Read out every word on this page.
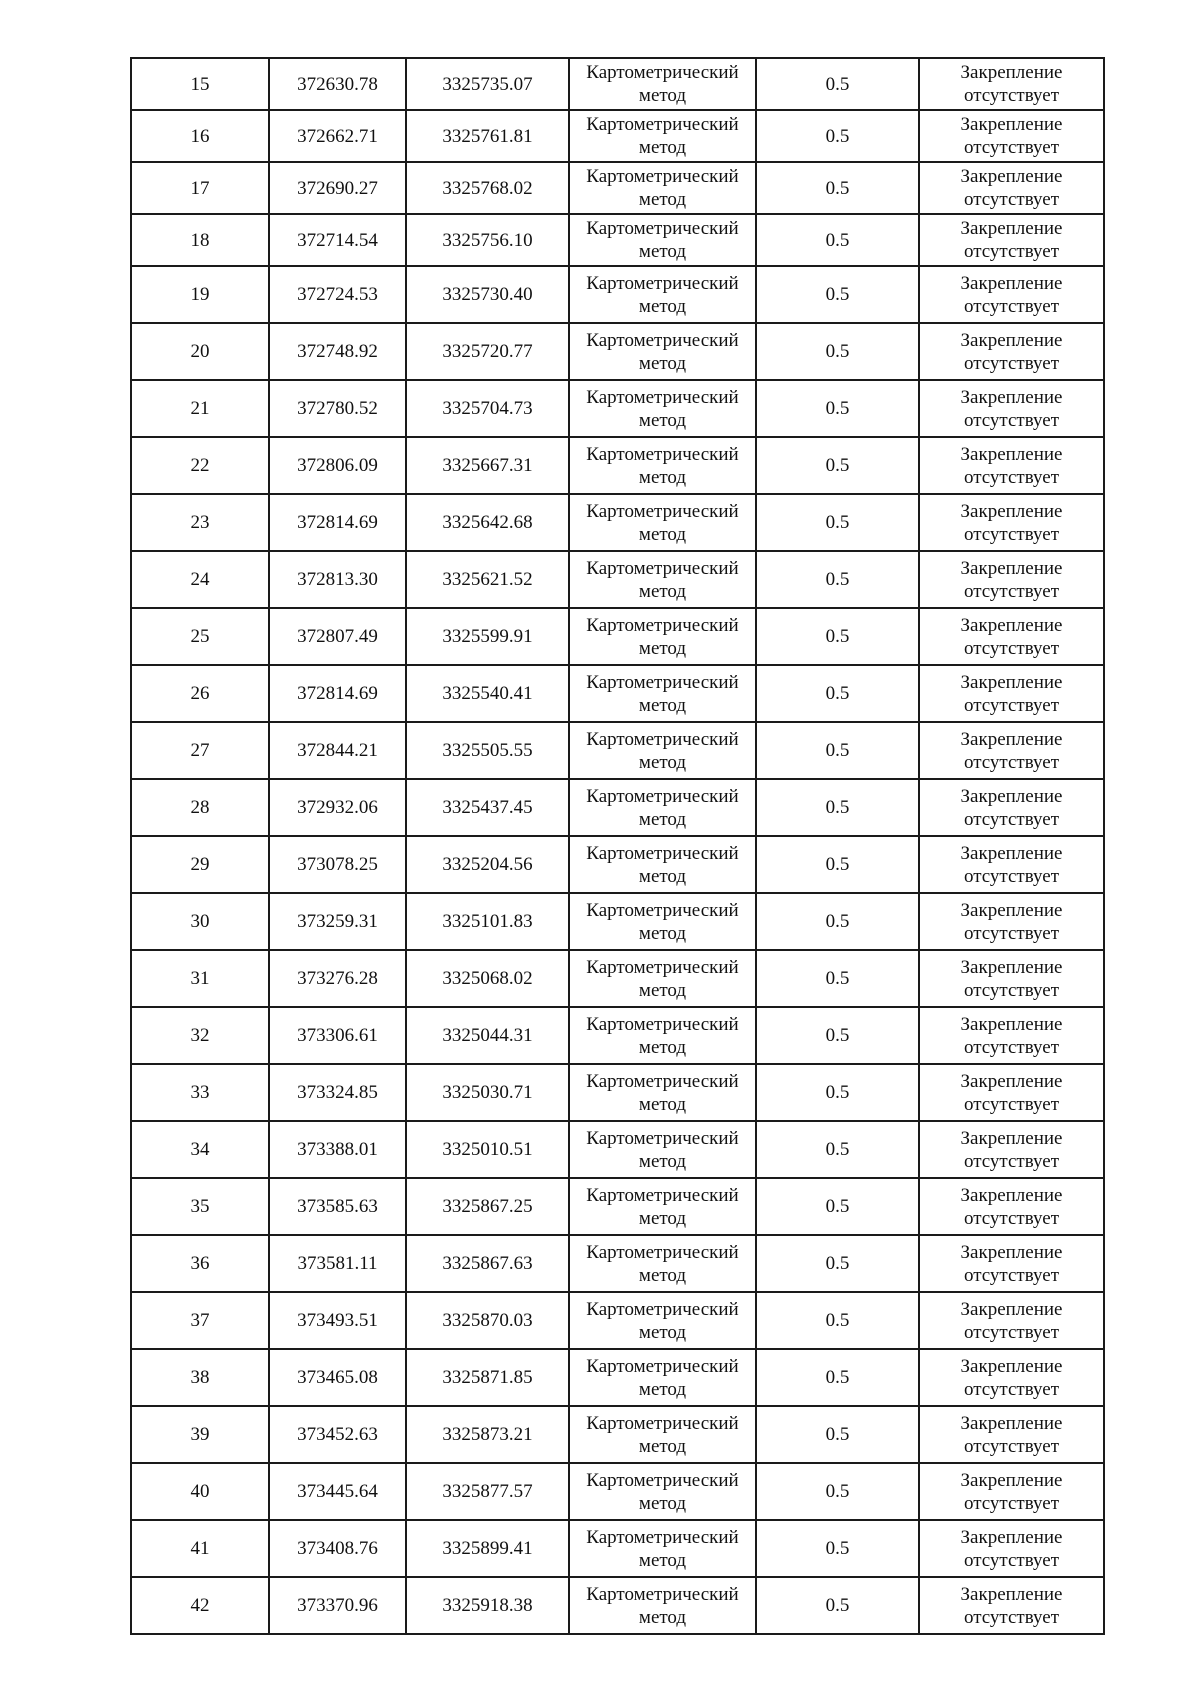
15	372630.78	3325735.07	Картометрический
метод	0.5	Закрепление
отсутствует

16	372662.71	3325761.81	Картометрический
метод	0.5	Закрепление
отсутствует

17	372690.27	3325768.02	Картометрический
метод	0.5	Закрепление
отсутствует

18	372714.54	3325756.10	Картометрический
метод	0.5	Закрепление
отсутствует

19	372724.53	3325730.40	Картометрический
метод	0.5	Закрепление
отсутствует

20	372748.92	3325720.77	Картометрический
метод	0.5	Закрепление
отсутствует

21	372780.52	3325704.73	Картометрический
метод	0.5	Закрепление
отсутствует

22	372806.09	3325667.31	Картометрический
метод	0.5	Закрепление
отсутствует

23	372814.69	3325642.68	Картометрический
метод	0.5	Закрепление
отсутствует

24	372813.30	3325621.52	Картометрический
метод	0.5	Закрепление
отсутствует

25	372807.49	3325599.91	Картометрический
метод	0.5	Закрепление
отсутствует

26	372814.69	3325540.41	Картометрический
метод	0.5	Закрепление
отсутствует

27	372844.21	3325505.55	Картометрический
метод	0.5	Закрепление
отсутствует

28	372932.06	3325437.45	Картометрический
метод	0.5	Закрепление
отсутствует

29	373078.25	3325204.56	Картометрический
метод	0.5	Закрепление
отсутствует

30	373259.31	3325101.83	Картометрический
метод	0.5	Закрепление
отсутствует

31	373276.28	3325068.02	Картометрический
метод	0.5	Закрепление
отсутствует

32	373306.61	3325044.31	Картометрический
метод	0.5	Закрепление
отсутствует

33	373324.85	3325030.71	Картометрический
метод	0.5	Закрепление
отсутствует

34	373388.01	3325010.51	Картометрический
метод	0.5	Закрепление
отсутствует

35	373585.63	3325867.25	Картометрический
метод	0.5	Закрепление
отсутствует

36	373581.11	3325867.63	Картометрический
метод	0.5	Закрепление
отсутствует

37	373493.51	3325870.03	Картометрический
метод	0.5	Закрепление
отсутствует

38	373465.08	3325871.85	Картометрический
метод	0.5	Закрепление
отсутствует

39	373452.63	3325873.21	Картометрический
метод	0.5	Закрепление
отсутствует

40	373445.64	3325877.57	Картометрический
метод	0.5	Закрепление
отсутствует

41	373408.76	3325899.41	Картометрический
метод	0.5	Закрепление
отсутствует

42	373370.96	3325918.38	Картометрический
метод	0.5	Закрепление
отсутствует
